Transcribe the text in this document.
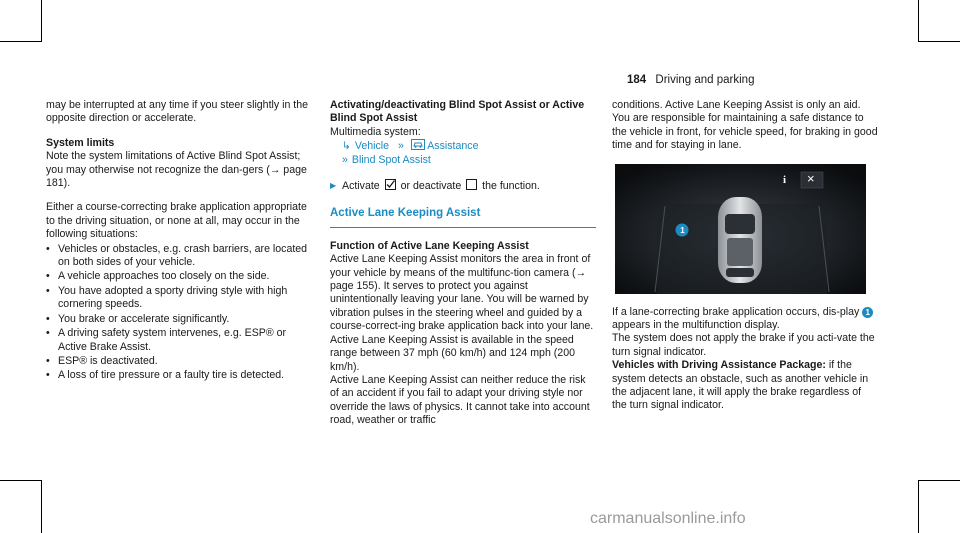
184 Driving and parking

may be interrupted at any time if you steer slightly in the opposite direction or accelerate.

System limits

Note the system limitations of Active Blind Spot Assist; you may otherwise not recognize the dan‑gers (→ page 181).

Either a course-correcting brake application appropriate to the driving situation, or none at all, may occur in the following situations:

• Vehicles or obstacles, e.g. crash barriers, are located on both sides of your vehicle.
• A vehicle approaches too closely on the side.
• You have adopted a sporty driving style with high cornering speeds.
• You brake or accelerate significantly.
• A driving safety system intervenes, e.g. ESP® or Active Brake Assist.
• ESP® is deactivated.
• A loss of tire pressure or a faulty tire is detected.

Activating/deactivating Blind Spot Assist or Active Blind Spot Assist

Multimedia system:

↳ Vehicle » Assistance

» Blind Spot Assist

▶ Activate or deactivate the function.

Active Lane Keeping Assist

Function of Active Lane Keeping Assist

Active Lane Keeping Assist monitors the area in front of your vehicle by means of the multifunc‑tion camera (→ page 155). It serves to protect you against unintentionally leaving your lane. You will be warned by vibration pulses in the steering wheel and guided by a course-correct‑ing brake application back into your lane.

Active Lane Keeping Assist is available in the speed range between 37 mph (60 km/h) and 124 mph (200 km/h).

Active Lane Keeping Assist can neither reduce the risk of an accident if you fail to adapt your driving style nor override the laws of physics. It cannot take into account road, weather or traffic

conditions. Active Lane Keeping Assist is only an aid. You are responsible for maintaining a safe distance to the vehicle in front, for vehicle speed, for braking in good time and for staying in lane.

1
i ×

If a lane-correcting brake application occurs, dis‑play 1 appears in the multifunction display.

The system does not apply the brake if you acti‑vate the turn signal indicator.

Vehicles with Driving Assistance Package: if the system detects an obstacle, such as another vehicle in the adjacent lane, it will apply the brake regardless of the turn signal indicator.

carmanualsonline.info
